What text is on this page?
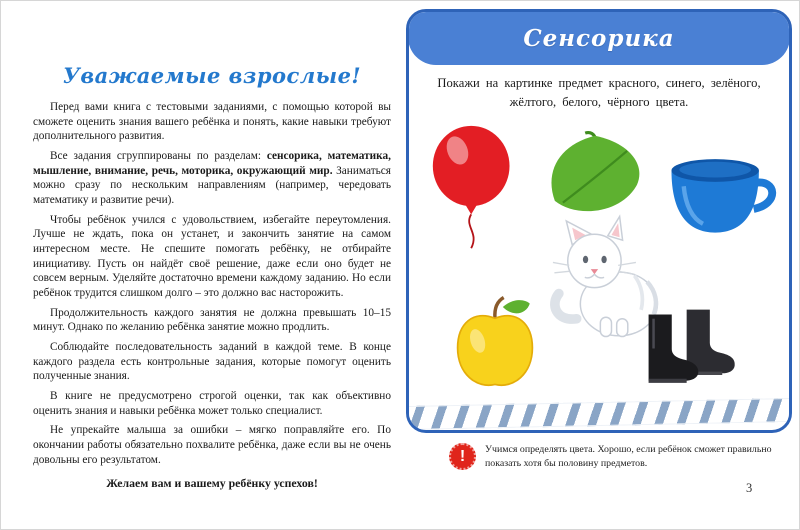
Уважаемые взрослые!

Перед вами книга с тестовыми заданиями, с помощью которой вы сможете оценить знания вашего ребёнка и понять, какие навыки требуют дополнительного развития.

Все задания сгруппированы по разделам: сенсорика, математика, мышление, внимание, речь, моторика, окружающий мир. Заниматься можно сразу по нескольким направлениям (например, чередовать математику и развитие речи).

Чтобы ребёнок учился с удовольствием, избегайте переутомления. Лучше не ждать, пока он устанет, и закончить занятие на самом интересном месте. Не спешите помогать ребёнку, не отбирайте инициативу. Пусть он найдёт своё решение, даже если оно будет не совсем верным. Уделяйте достаточно времени каждому заданию. Но если ребёнок трудится слишком долго – это должно вас насторожить.

Продолжительность каждого занятия не должна превышать 10–15 минут. Однако по желанию ребёнка занятие можно продлить.

Соблюдайте последовательность заданий в каждой теме. В конце каждого раздела есть контрольные задания, которые помогут оценить полученные знания.

В книге не предусмотрено строгой оценки, так как объективно оценить знания и навыки ребёнка может только специалист.

Не упрекайте малыша за ошибки – мягко поправляйте его. По окончании работы обязательно похвалите ребёнка, даже если вы не очень довольны его результатом.

Желаем вам и вашему ребёнку успехов!

Сенсорика
Покажи на картинке предмет красного, синего, зелёного, жёлтого, белого, чёрного цвета.
!	Учимся определять цвета. Хорошо, если ребёнок сможет правильно показать хотя бы половину предметов.
3
